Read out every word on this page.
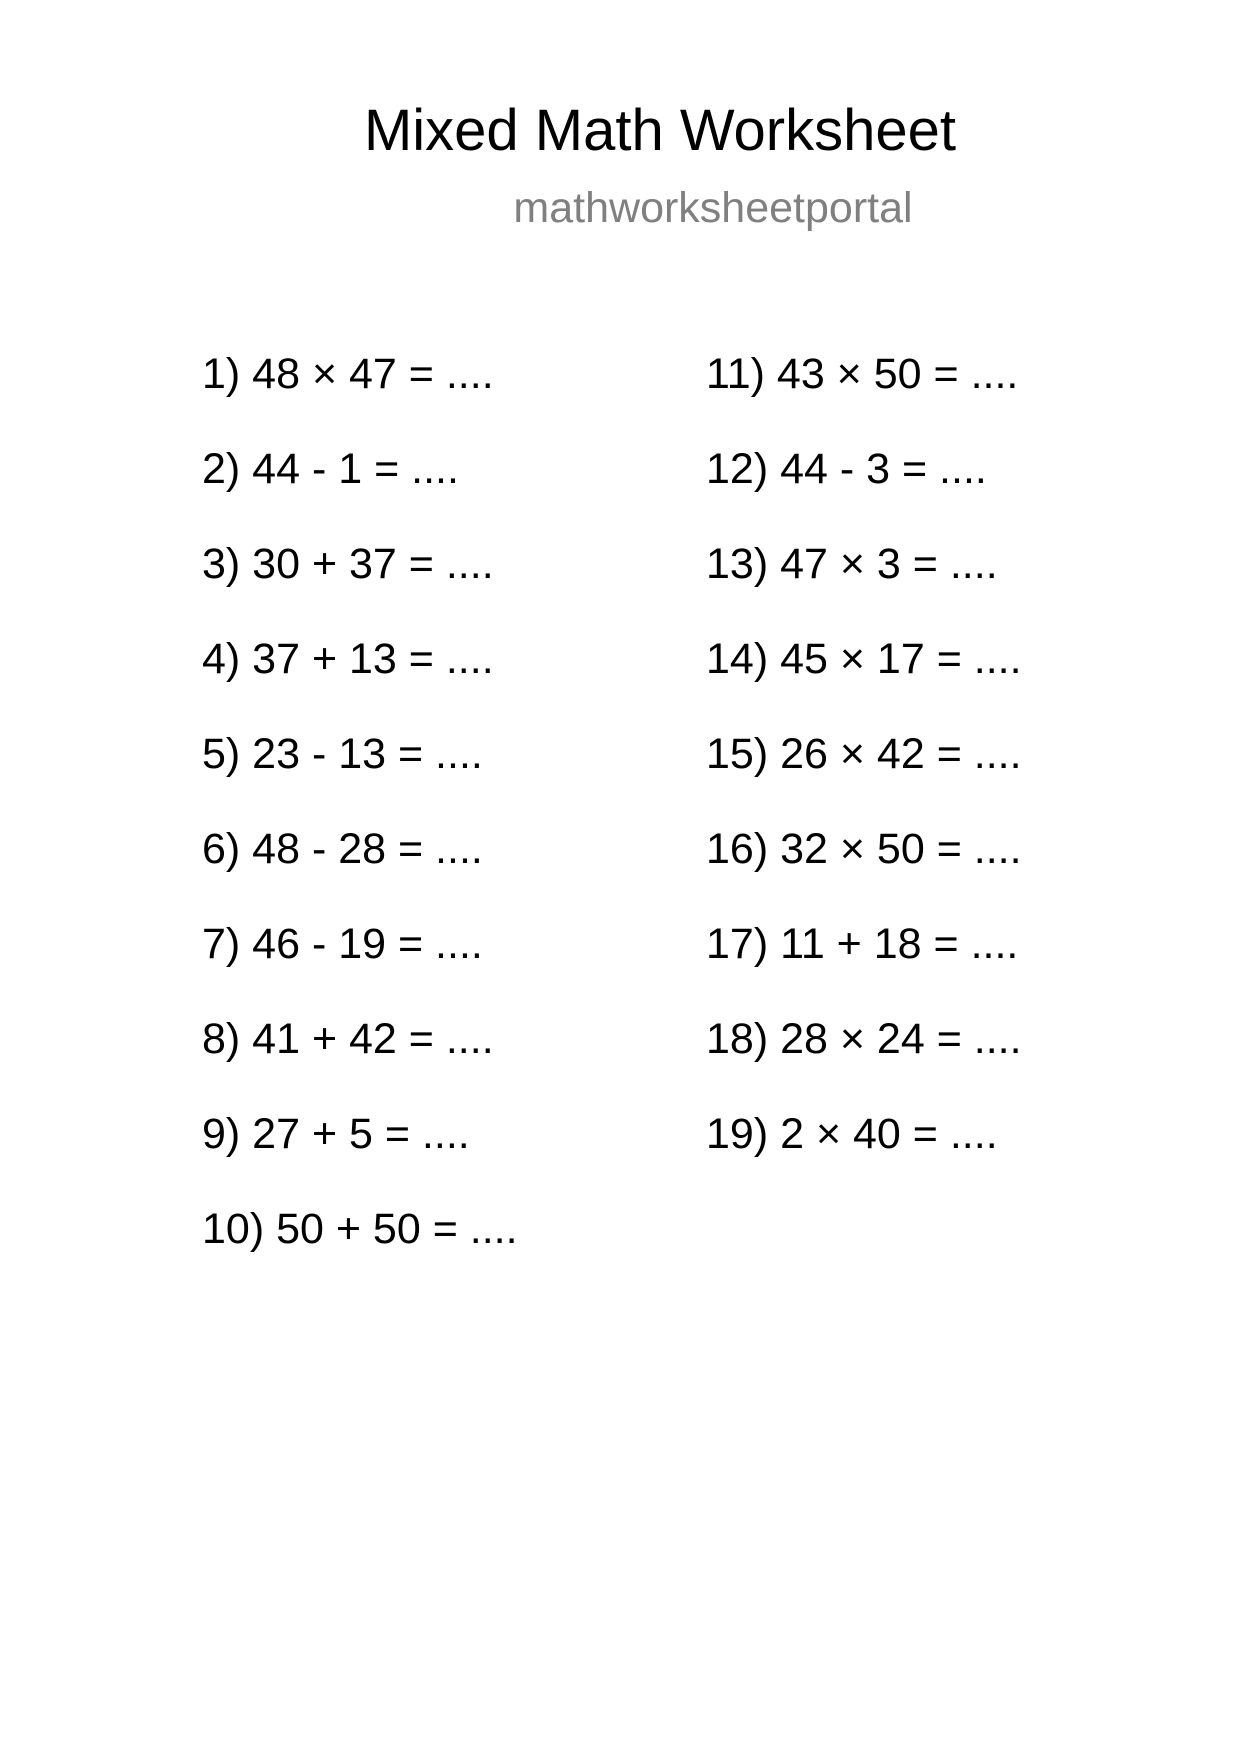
Mixed Math Worksheet
mathworksheetportal
1) 48 × 47 = ....
2) 44 - 1 = ....
3) 30 + 37 = ....
4) 37 + 13 = ....
5) 23 - 13 = ....
6) 48 - 28 = ....
7) 46 - 19 = ....
8) 41 + 42 = ....
9) 27 + 5 = ....
10) 50 + 50 = ....
11) 43 × 50 = ....
12) 44 - 3 = ....
13) 47 × 3 = ....
14) 45 × 17 = ....
15) 26 × 42 = ....
16) 32 × 50 = ....
17) 11 + 18 = ....
18) 28 × 24 = ....
19) 2 × 40 = ....
